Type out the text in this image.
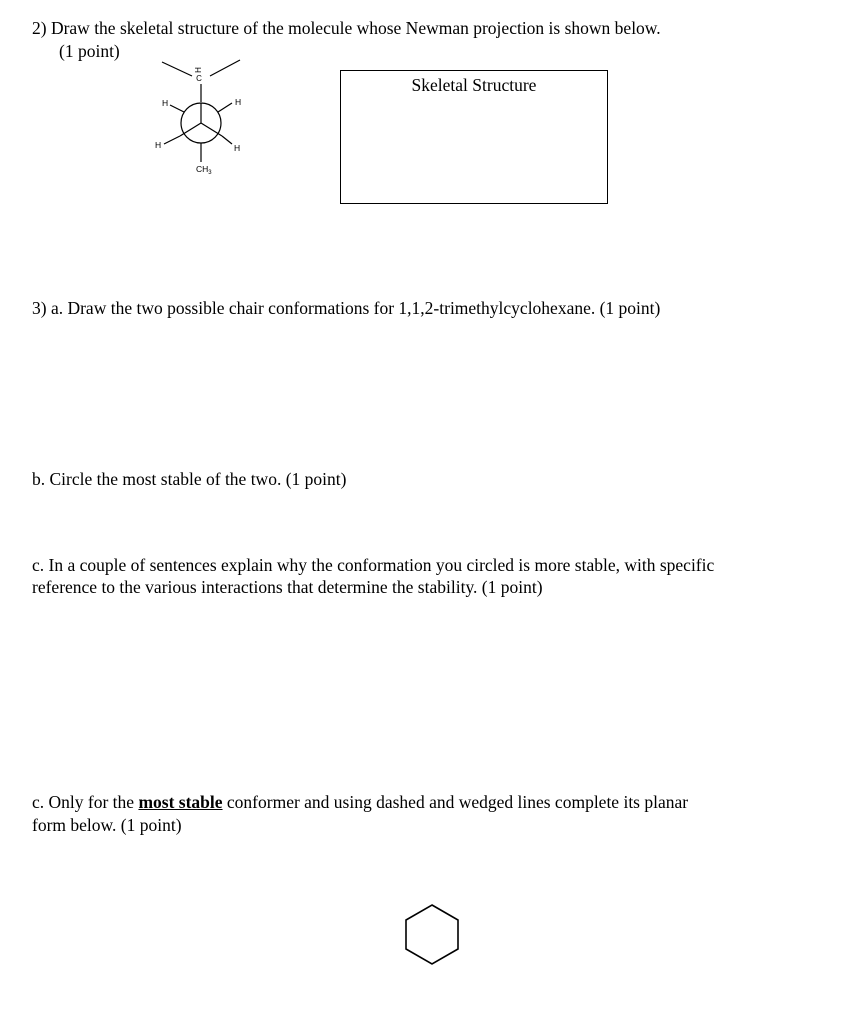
2) Draw the skeletal structure of the molecule whose Newman projection is shown below.
(1 point)
H
C
H	H
H	H
$CH_3$
Skeletal Structure
3) a. Draw the two possible chair conformations for 1,1,2-trimethylcyclohexane. (1 point)
b. Circle the most stable of the two. (1 point)
c. In a couple of sentences explain why the conformation you circled is more stable, with specific
reference to the various interactions that determine the stability. (1 point)
c. Only for the most stable conformer and using dashed and wedged lines complete its planar
form below. (1 point)
